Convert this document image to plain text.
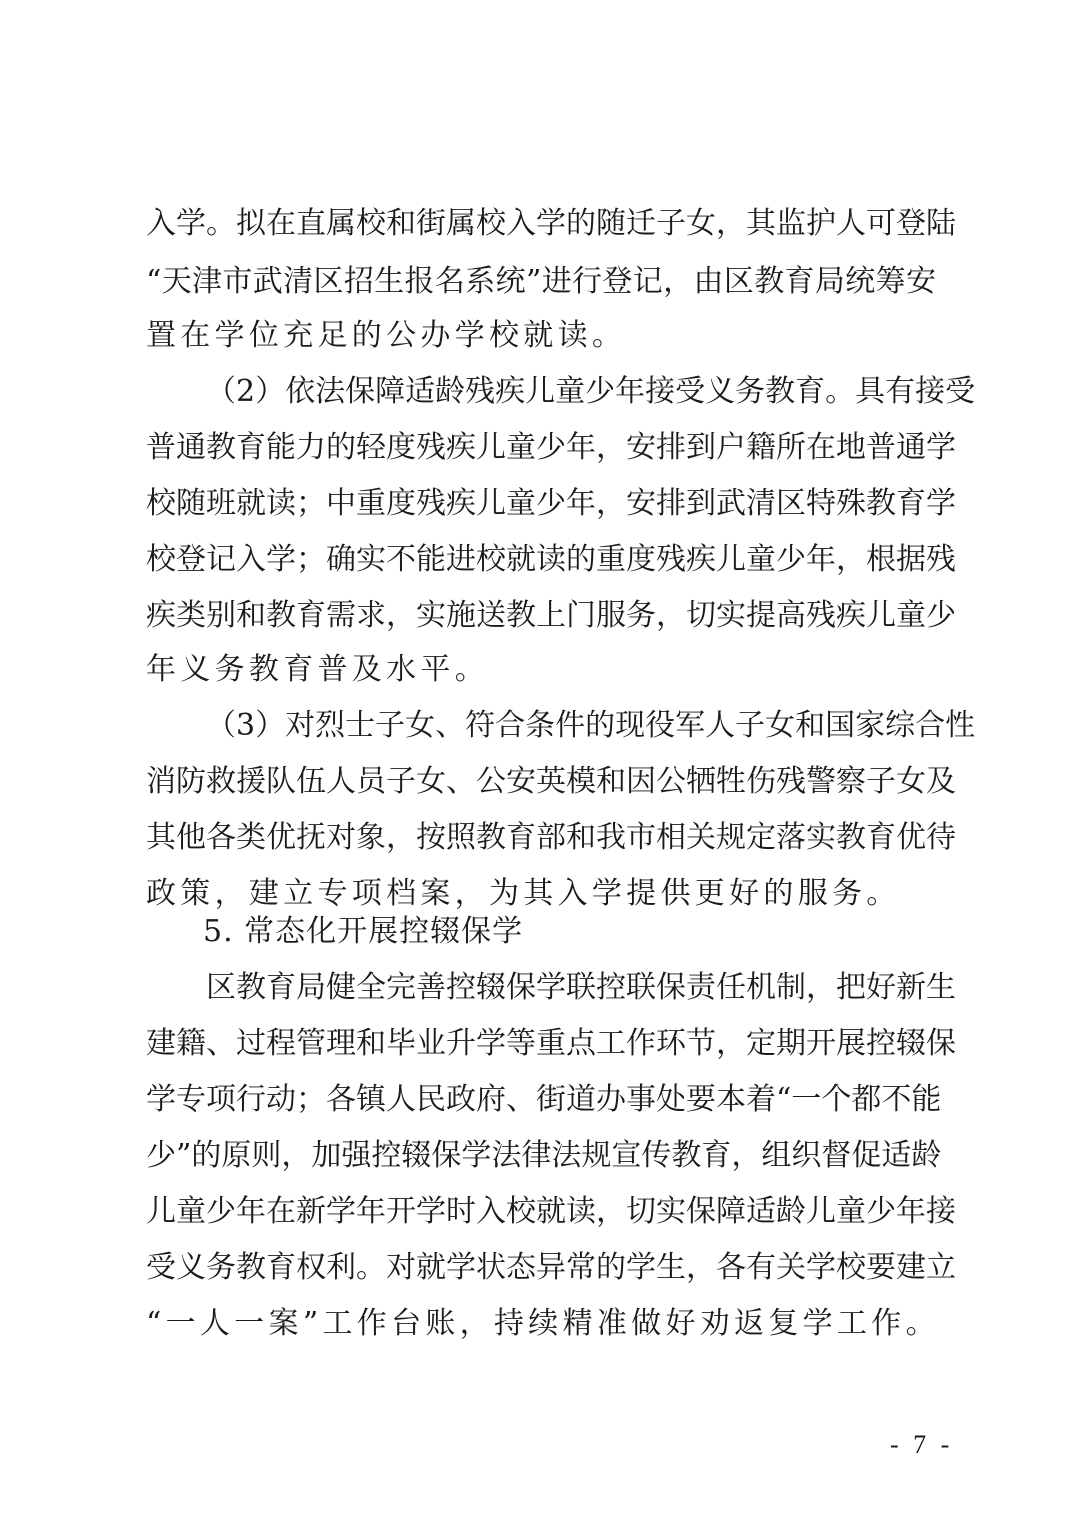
入学。拟在直属校和街属校入学的随迁子女，其监护人可登陆
“天津市武清区招生报名系统”进行登记，由区教育局统筹安
置在学位充足的公办学校就读。
（2）依法保障适龄残疾儿童少年接受义务教育。具有接受
普通教育能力的轻度残疾儿童少年，安排到户籍所在地普通学
校随班就读；中重度残疾儿童少年，安排到武清区特殊教育学
校登记入学；确实不能进校就读的重度残疾儿童少年，根据残
疾类别和教育需求，实施送教上门服务，切实提高残疾儿童少
年义务教育普及水平。
（3）对烈士子女、符合条件的现役军人子女和国家综合性
消防救援队伍人员子女、公安英模和因公牺牲伤残警察子女及
其他各类优抚对象，按照教育部和我市相关规定落实教育优待
政策，建立专项档案，为其入学提供更好的服务。
5. 常态化开展控辍保学
区教育局健全完善控辍保学联控联保责任机制，把好新生
建籍、过程管理和毕业升学等重点工作环节，定期开展控辍保
学专项行动；各镇人民政府、街道办事处要本着“一个都不能
少”的原则，加强控辍保学法律法规宣传教育，组织督促适龄
儿童少年在新学年开学时入校就读，切实保障适龄儿童少年接
受义务教育权利。对就学状态异常的学生，各有关学校要建立
“一人一案”工作台账，持续精准做好劝返复学工作。
- 7 -
